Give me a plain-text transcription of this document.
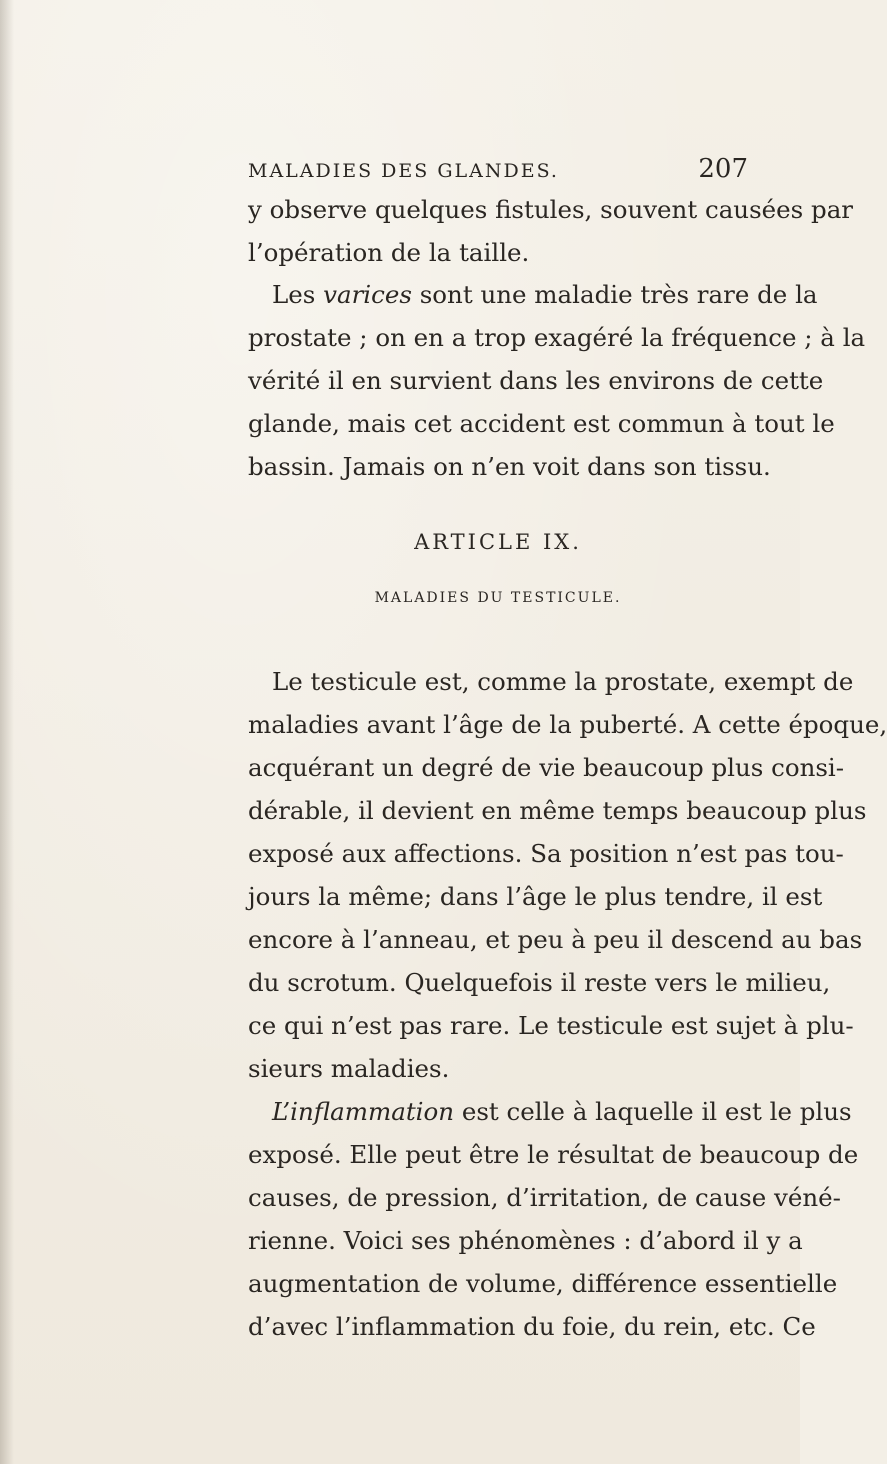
MALADIES DES GLANDES.	207
y observe quelques fistules, souvent causées par
l’opération de la taille.
Les varices sont une maladie très rare de la
prostate ; on en a trop exagéré la fréquence ; à la
vérité il en survient dans les environs de cette
glande, mais cet accident est commun à tout le
bassin. Jamais on n’en voit dans son tissu.
ARTICLE IX.
MALADIES DU TESTICULE.
Le testicule est, comme la prostate, exempt de
maladies avant l’âge de la puberté. A cette époque,
acquérant un degré de vie beaucoup plus consi-
dérable, il devient en même temps beaucoup plus
exposé aux affections. Sa position n’est pas tou-
jours la même; dans l’âge le plus tendre, il est
encore à l’anneau, et peu à peu il descend au bas
du scrotum. Quelquefois il reste vers le milieu,
ce qui n’est pas rare. Le testicule est sujet à plu-
sieurs maladies.
L’inflammation est celle à laquelle il est le plus
exposé. Elle peut être le résultat de beaucoup de
causes, de pression, d’irritation, de cause véné-
rienne. Voici ses phénomènes : d’abord il y a
augmentation de volume, différence essentielle
d’avec l’inflammation du foie, du rein, etc. Ce
